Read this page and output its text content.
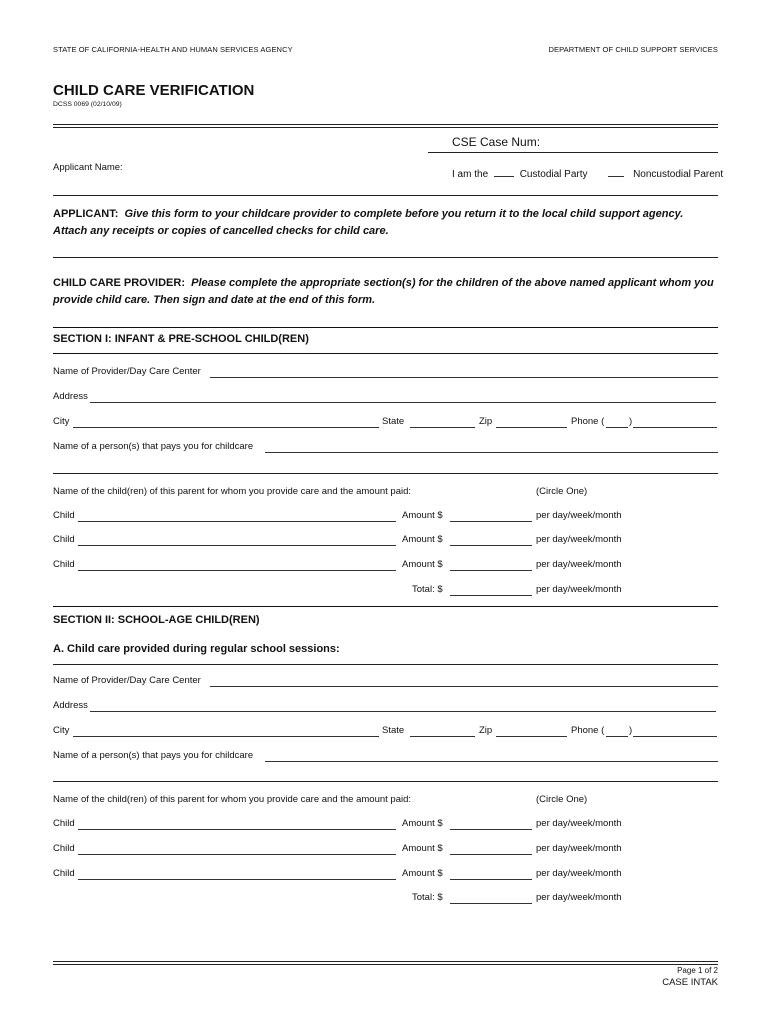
STATE OF CALIFORNIA-HEALTH AND HUMAN SERVICES AGENCY	DEPARTMENT OF CHILD SUPPORT SERVICES
CHILD CARE VERIFICATION
DCSS 0069 (02/10/09)
CSE Case Num:
Applicant Name:
I am the	Custodial Party	Noncustodial Parent
APPLICANT: Give this form to your childcare provider to complete before you return it to the local child support agency. Attach any receipts or copies of cancelled checks for child care.
CHILD CARE PROVIDER: Please complete the appropriate section(s) for the children of the above named applicant whom you provide child care. Then sign and date at the end of this form.
SECTION I: INFANT & PRE-SCHOOL CHILD(REN)
Name of Provider/Day Care Center
Address
City	State	Zip	Phone (	)
Name of a person(s) that pays you for childcare
Name of the child(ren) of this parent for whom you provide care and the amount paid:	(Circle One)
Child	Amount $	per day/week/month
Child	Amount $	per day/week/month
Child	Amount $	per day/week/month
Total: $	per day/week/month
SECTION II: SCHOOL-AGE CHILD(REN)
A. Child care provided during regular school sessions:
Name of Provider/Day Care Center
Address
City	State	Zip	Phone (	)
Name of a person(s) that pays you for childcare
Name of the child(ren) of this parent for whom you provide care and the amount paid:	(Circle One)
Child	Amount $	per day/week/month
Child	Amount $	per day/week/month
Child	Amount $	per day/week/month
Total: $	per day/week/month
Page 1 of 2
CASE INTAK
